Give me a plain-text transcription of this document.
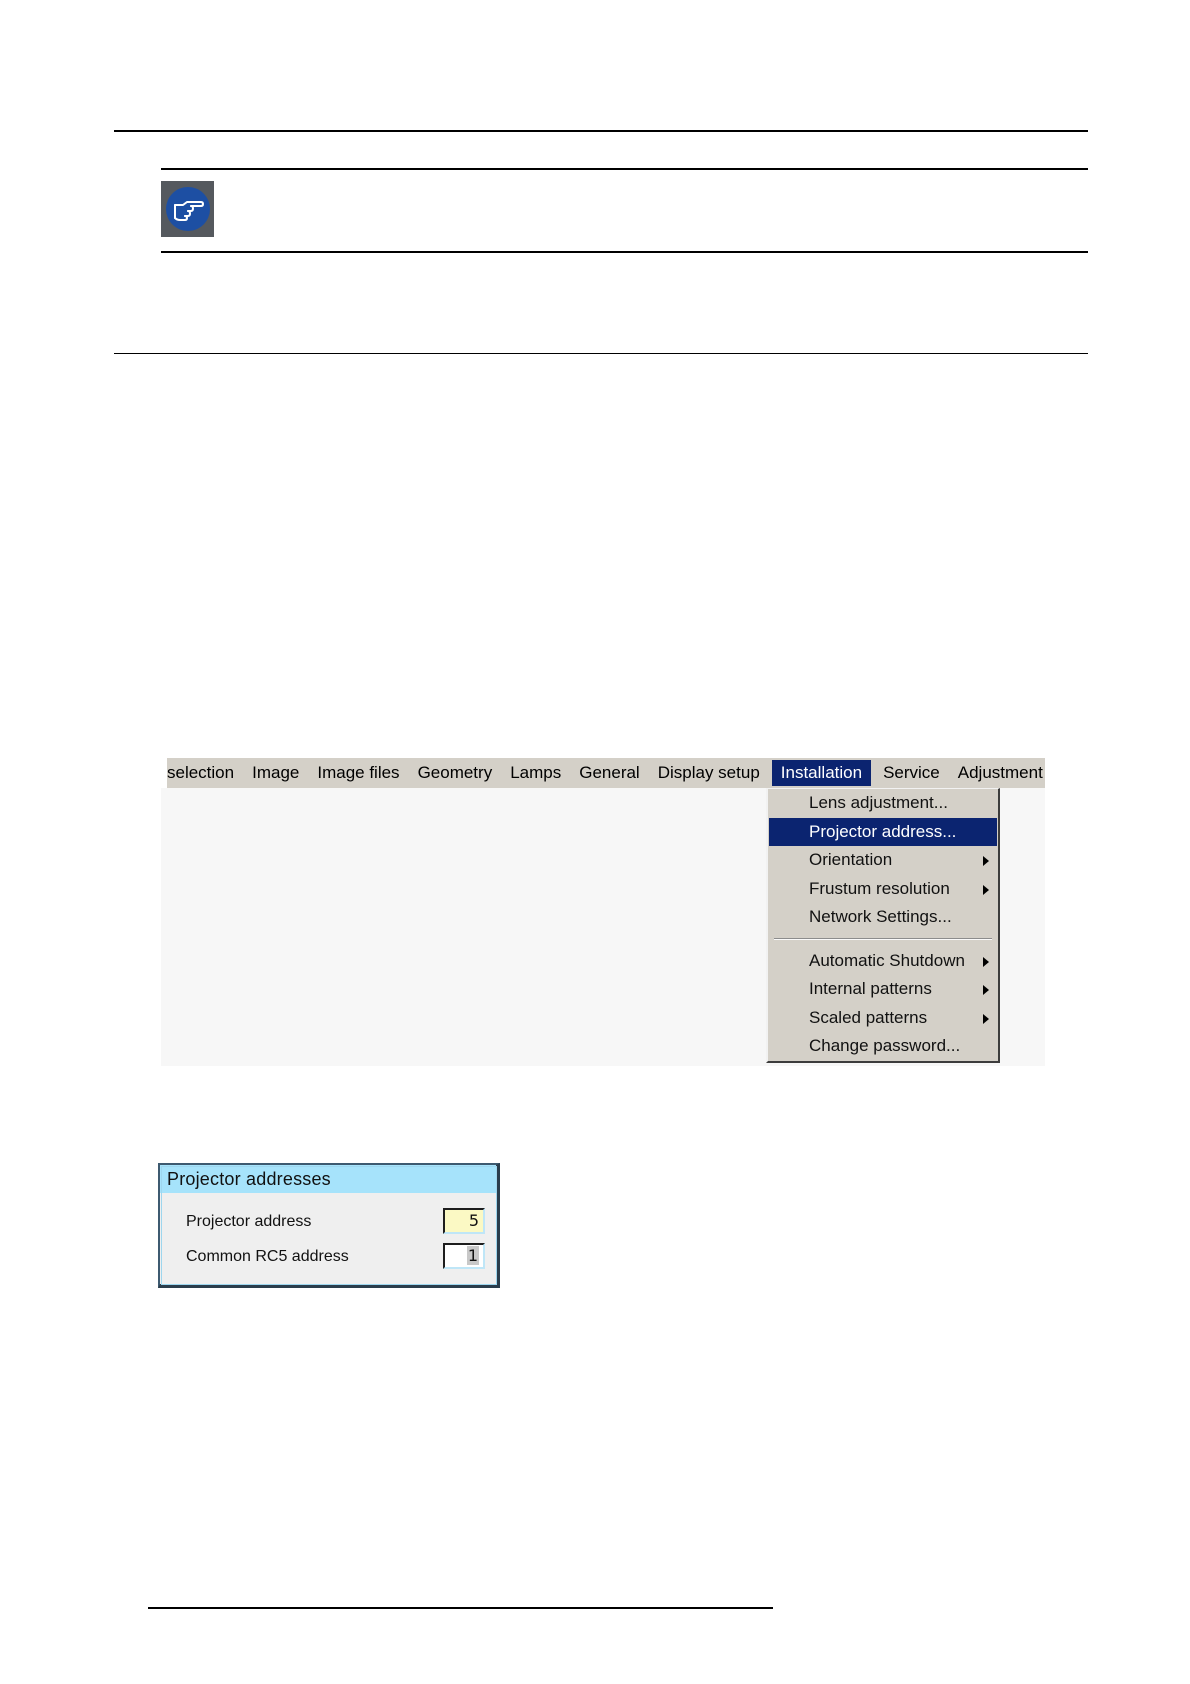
selection	Image	Image files	Geometry	Lamps	General	Display setup	Installation	Service	Adjustment
Lens adjustment...
Projector address...
Orientation
Frustum resolution
Network Settings...
Automatic Shutdown
Internal patterns
Scaled patterns
Change password...
Projector addresses
Projector address	5
Common RC5 address	1
